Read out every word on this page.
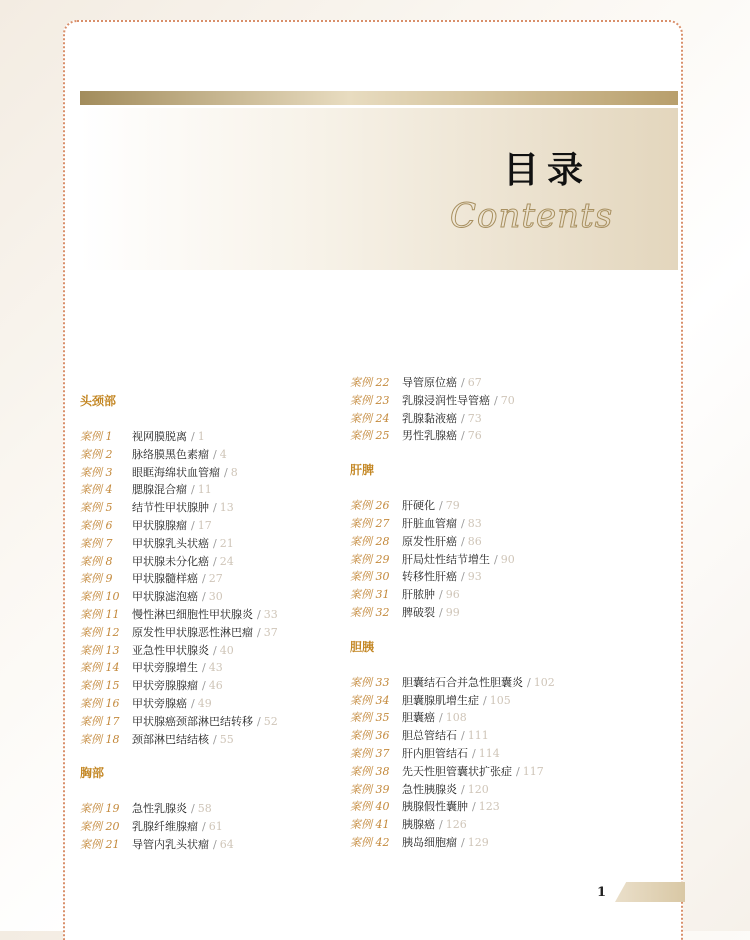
目录
Contents
头颈部
案例 1 视网膜脱离 / 1
案例 2 脉络膜黑色素瘤 / 4
案例 3 眼眶海绵状血管瘤 / 8
案例 4 腮腺混合瘤 / 11
案例 5 结节性甲状腺肿 / 13
案例 6 甲状腺腺瘤 / 17
案例 7 甲状腺乳头状癌 / 21
案例 8 甲状腺未分化癌 / 24
案例 9 甲状腺髓样癌 / 27
案例 10 甲状腺滤泡癌 / 30
案例 11 慢性淋巴细胞性甲状腺炎 / 33
案例 12 原发性甲状腺恶性淋巴瘤 / 37
案例 13 亚急性甲状腺炎 / 40
案例 14 甲状旁腺增生 / 43
案例 15 甲状旁腺腺瘤 / 46
案例 16 甲状旁腺癌 / 49
案例 17 甲状腺癌颈部淋巴结转移 / 52
案例 18 颈部淋巴结结核 / 55
胸部
案例 19 急性乳腺炎 / 58
案例 20 乳腺纤维腺瘤 / 61
案例 21 导管内乳头状瘤 / 64
案例 22 导管原位癌 / 67
案例 23 乳腺浸润性导管癌 / 70
案例 24 乳腺黏液癌 / 73
案例 25 男性乳腺癌 / 76
肝脾
案例 26 肝硬化 / 79
案例 27 肝脏血管瘤 / 83
案例 28 原发性肝癌 / 86
案例 29 肝局灶性结节增生 / 90
案例 30 转移性肝癌 / 93
案例 31 肝脓肿 / 96
案例 32 脾破裂 / 99
胆胰
案例 33 胆囊结石合并急性胆囊炎 / 102
案例 34 胆囊腺肌增生症 / 105
案例 35 胆囊癌 / 108
案例 36 胆总管结石 / 111
案例 37 肝内胆管结石 / 114
案例 38 先天性胆管囊状扩张症 / 117
案例 39 急性胰腺炎 / 120
案例 40 胰腺假性囊肿 / 123
案例 41 胰腺癌 / 126
案例 42 胰岛细胞瘤 / 129
1
